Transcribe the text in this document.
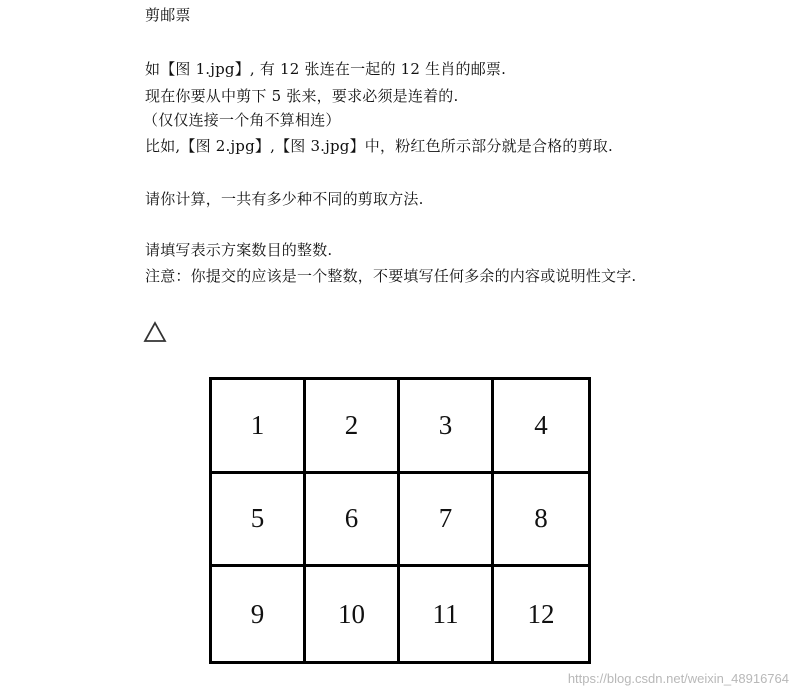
剪邮票
如【图 1.jpg】, 有 12 张连在一起的 12 生肖的邮票.
现在你要从中剪下 5 张来，要求必须是连着的.
（仅仅连接一个角不算相连）
比如,【图 2.jpg】,【图 3.jpg】中，粉红色所示部分就是合格的剪取.
请你计算，一共有多少种不同的剪取方法.
请填写表示方案数目的整数.
注意：你提交的应该是一个整数，不要填写任何多余的内容或说明性文字.
1	2	3	4
5	6	7	8
9	10	11	12
https://blog.csdn.net/weixin_48916764
